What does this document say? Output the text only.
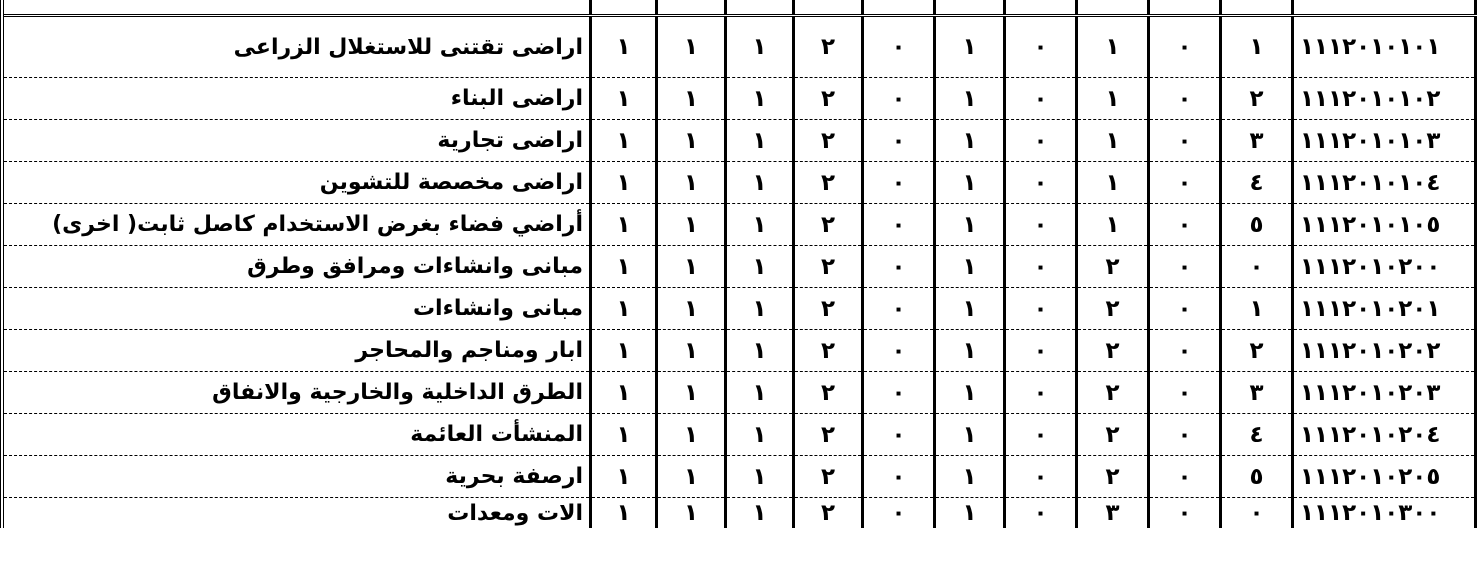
١١١٢٠١٠١٠١	١	٠	١	٠	١	٠	٢	١	١	١	اراضى تقتنى للاستغلال الزراعى
١١١٢٠١٠١٠٢	٢	٠	١	٠	١	٠	٢	١	١	١	اراضى البناء
١١١٢٠١٠١٠٣	٣	٠	١	٠	١	٠	٢	١	١	١	اراضى تجارية
١١١٢٠١٠١٠٤	٤	٠	١	٠	١	٠	٢	١	١	١	اراضى مخصصة للتشوين
١١١٢٠١٠١٠٥	٥	٠	١	٠	١	٠	٢	١	١	١	أراضي فضاء بغرض الاستخدام كاصل ثابت( اخرى)
١١١٢٠١٠٢٠٠	٠	٠	٢	٠	١	٠	٢	١	١	١	مبانى وانشاءات ومرافق وطرق
١١١٢٠١٠٢٠١	١	٠	٢	٠	١	٠	٢	١	١	١	مبانى وانشاءات
١١١٢٠١٠٢٠٢	٢	٠	٢	٠	١	٠	٢	١	١	١	ابار ومناجم والمحاجر
١١١٢٠١٠٢٠٣	٣	٠	٢	٠	١	٠	٢	١	١	١	الطرق الداخلية والخارجية والانفاق
١١١٢٠١٠٢٠٤	٤	٠	٢	٠	١	٠	٢	١	١	١	المنشأت العائمة
١١١٢٠١٠٢٠٥	٥	٠	٢	٠	١	٠	٢	١	١	١	ارصفة بحرية
١١١٢٠١٠٣٠٠	٠	٠	٣	٠	١	٠	٢	١	١	١	الات ومعدات
